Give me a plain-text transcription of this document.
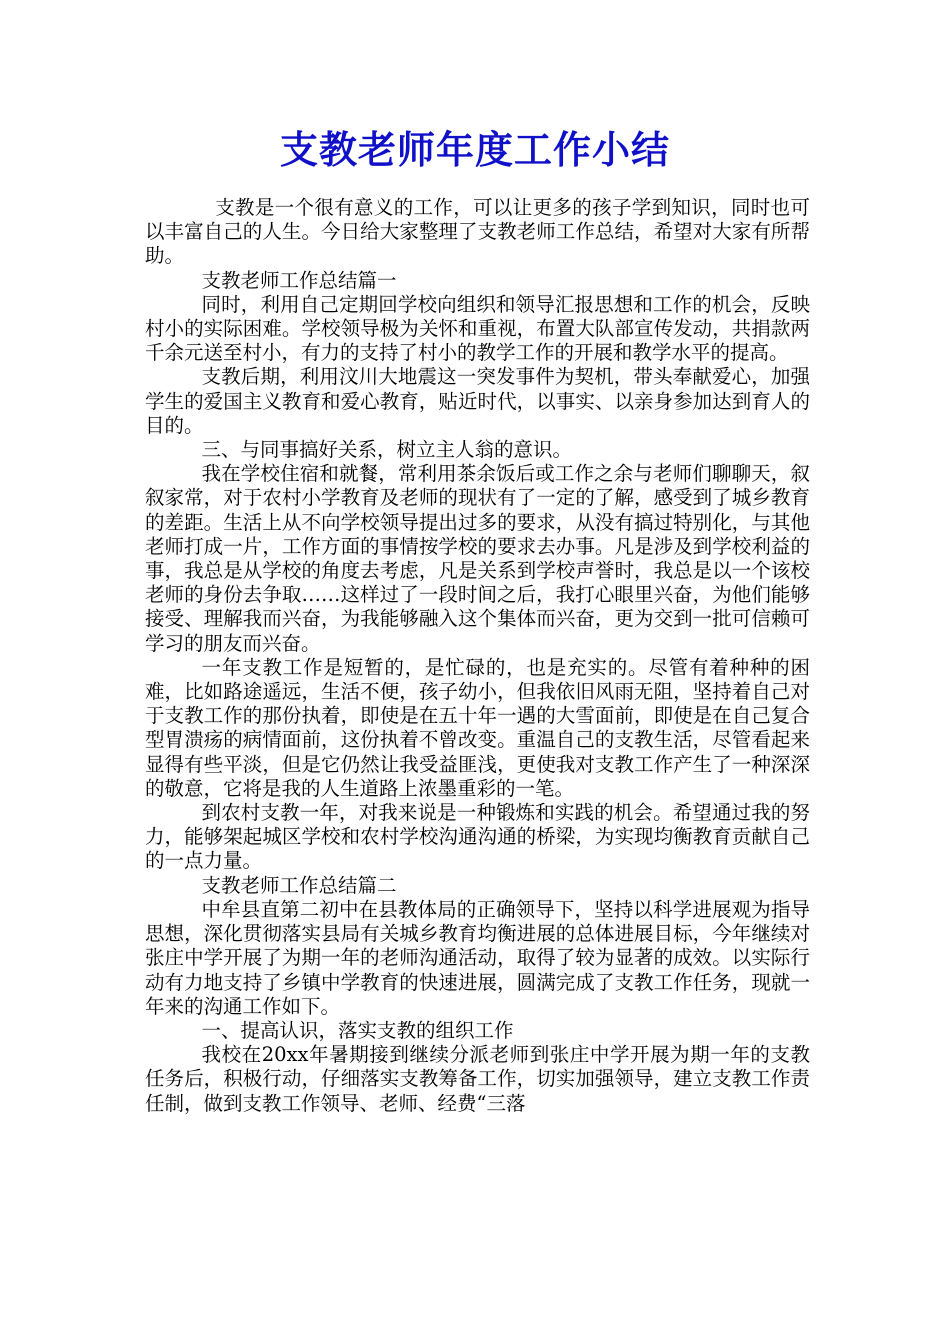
支教老师年度工作小结

支教是一个很有意义的工作，可以让更多的孩子学到知识，同时也可以丰富自己的人生。今日给大家整理了支教老师工作总结，希望对大家有所帮助。

支教老师工作总结篇一

同时，利用自己定期回学校向组织和领导汇报思想和工作的机会，反映村小的实际困难。学校领导极为关怀和重视，布置大队部宣传发动，共捐款两千余元送至村小，有力的支持了村小的教学工作的开展和教学水平的提高。

支教后期，利用汶川大地震这一突发事件为契机，带头奉献爱心，加强学生的爱国主义教育和爱心教育，贴近时代，以事实、以亲身参加达到育人的目的。

三、与同事搞好关系，树立主人翁的意识。

我在学校住宿和就餐，常利用茶余饭后或工作之余与老师们聊聊天，叙叙家常，对于农村小学教育及老师的现状有了一定的了解，感受到了城乡教育的差距。生活上从不向学校领导提出过多的要求，从没有搞过特别化，与其他老师打成一片，工作方面的事情按学校的要求去办事。凡是涉及到学校利益的事，我总是从学校的角度去考虑，凡是关系到学校声誉时，我总是以一个该校老师的身份去争取……这样过了一段时间之后，我打心眼里兴奋，为他们能够接受、理解我而兴奋，为我能够融入这个集体而兴奋，更为交到一批可信赖可学习的朋友而兴奋。

一年支教工作是短暂的，是忙碌的，也是充实的。尽管有着种种的困难，比如路途遥远，生活不便，孩子幼小，但我依旧风雨无阻，坚持着自己对于支教工作的那份执着，即使是在五十年一遇的大雪面前，即使是在自己复合型胃溃疡的病情面前，这份执着不曾改变。重温自己的支教生活，尽管看起来显得有些平淡，但是它仍然让我受益匪浅，更使我对支教工作产生了一种深深的敬意，它将是我的人生道路上浓墨重彩的一笔。

到农村支教一年，对我来说是一种锻炼和实践的机会。希望通过我的努力，能够架起城区学校和农村学校沟通沟通的桥梁，为实现均衡教育贡献自己的一点力量。

支教老师工作总结篇二

中牟县直第二初中在县教体局的正确领导下，坚持以科学进展观为指导思想，深化贯彻落实县局有关城乡教育均衡进展的总体进展目标，今年继续对张庄中学开展了为期一年的老师沟通活动，取得了较为显著的成效。以实际行动有力地支持了乡镇中学教育的快速进展，圆满完成了支教工作任务，现就一年来的沟通工作如下。

一、提高认识，落实支教的组织工作

我校在20xx年暑期接到继续分派老师到张庄中学开展为期一年的支教任务后，积极行动，仔细落实支教筹备工作，切实加强领导，建立支教工作责任制，做到支教工作领导、老师、经费“三落
